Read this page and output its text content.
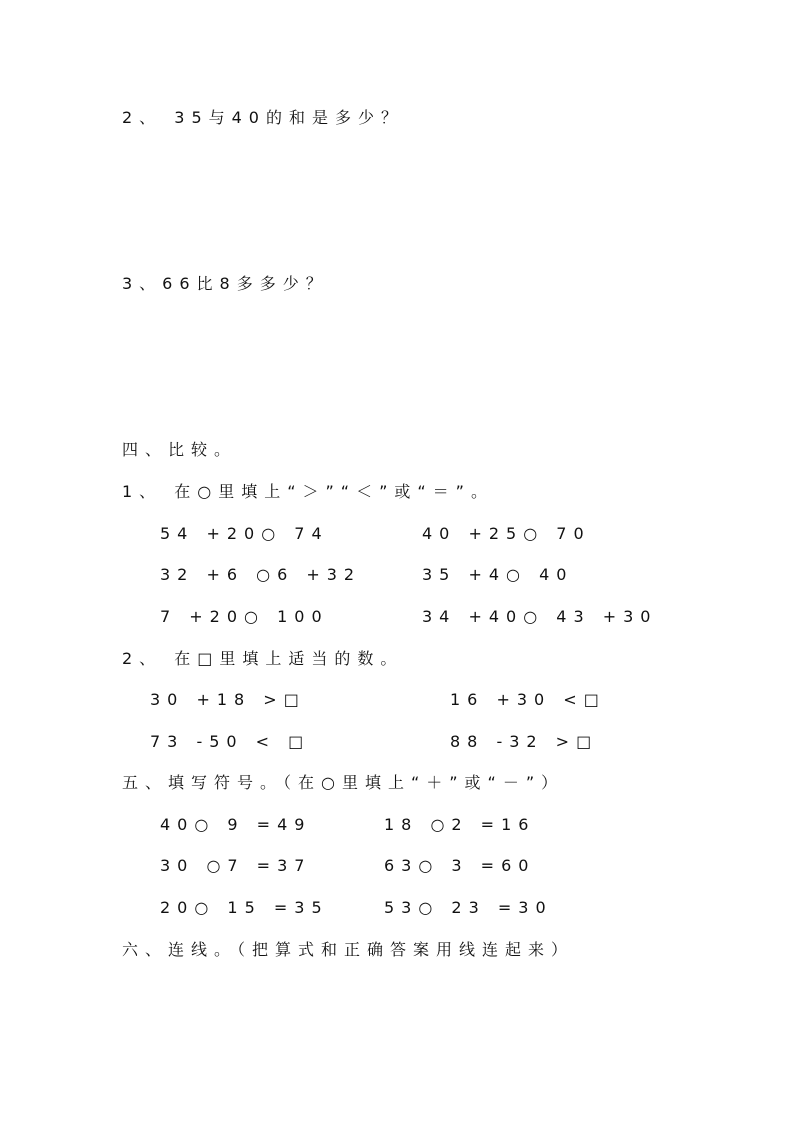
2、 35与40的和是多少？
3、66比8多多少？
四、比较。
1、 在○里填上“＞”“＜”或“＝”。
54 +20○ 74	40 +25○ 70
32 +6 ○6 +32	35 +4○ 40
7 +20○ 100	34 +40○ 43 +30
2、 在□里填上适当的数。
30 +18 >□	16 +30 <□
73 -50 < □	88 -32 >□
五、填写符号。（在○里填上“＋”或“－”）
40○ 9 =49	18 ○2 =16
30 ○7 =37	63○ 3 =60
20○ 15 =35	53○ 23 =30
六、连线。（把算式和正确答案用线连起来）
